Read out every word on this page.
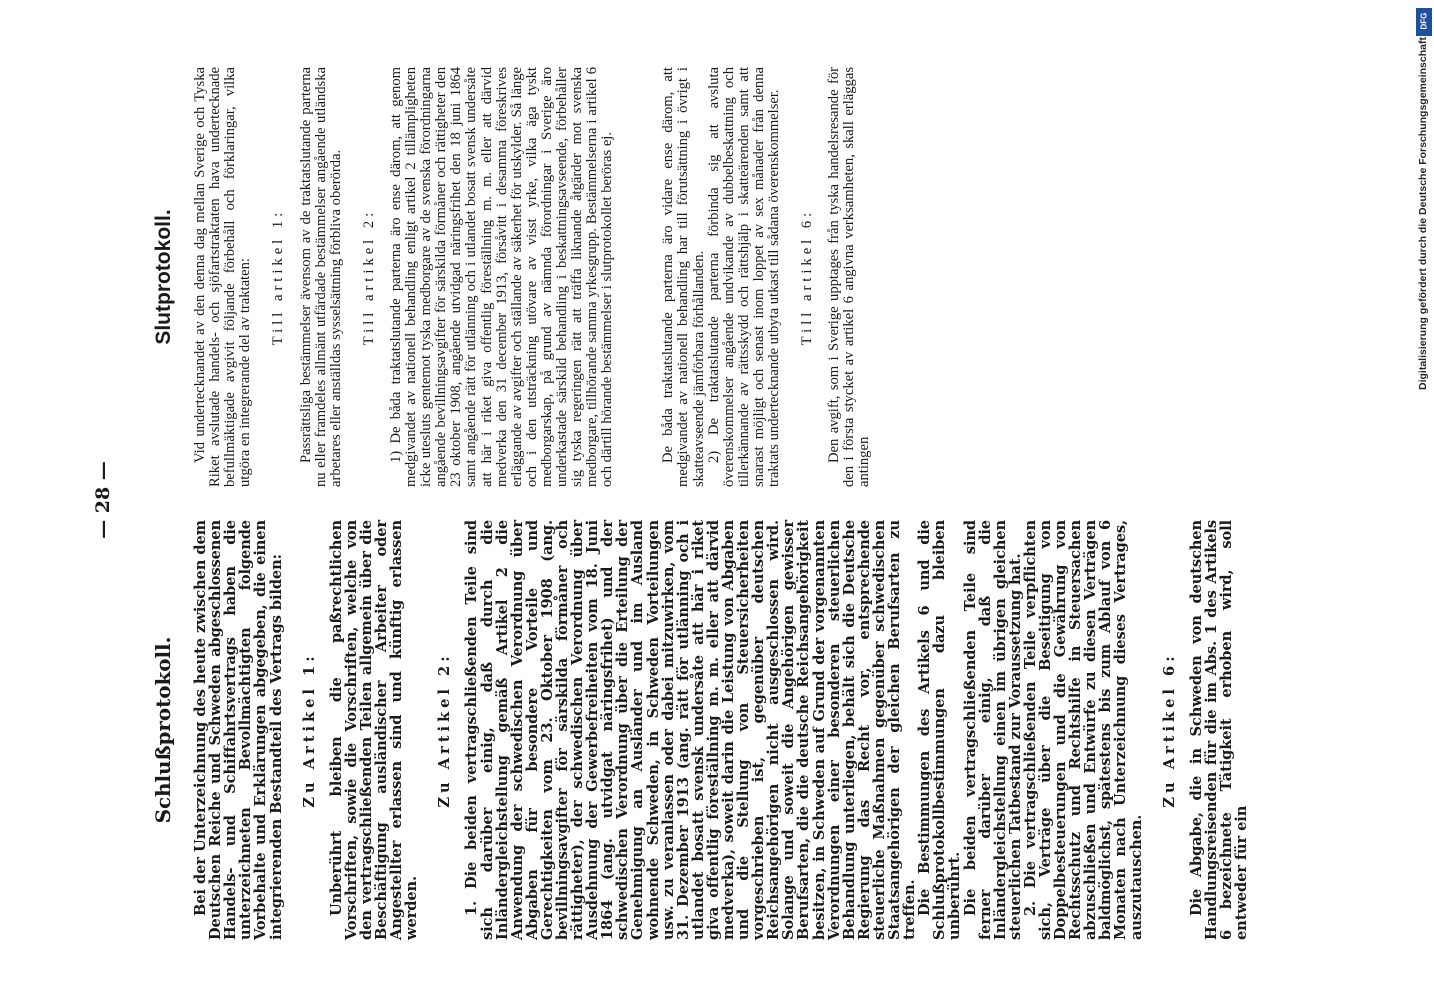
— 28 —
Schlußprotokoll. Bei der Unterzeichnung des heute zwischen dem Deutschen Reiche und Schweden abgeschlossenen Handels- und Schiffahrtsvertrags haben die unterzeichneten Bevollmächtigten folgende Vorbehalte und Erklärungen abgegeben, die einen integrierenden Bestandteil des Vertrags bilden: Zu Artikel 1: Unberührt bleiben die paßrechtlichen Vorschriften, sowie die Vorschriften, welche von den vertragschließenden Teilen allgemein über die Beschäftigung ausländischer Arbeiter oder Angestellter erlassen sind und künftig erlassen werden.

Zu Artikel 2: 1. Die beiden vertragschließenden Teile sind sich darüber einig, daß durch die Inländergleichstellung gemäß Artikel 2 die Anwendung der schwedischen Verordnung über Abgaben für besondere Vorteile und Gerechtigkeiten vom 23. Oktober 1908 (ang. bevillningsavgifter för särskilda förmåner och rättigheter), der schwedischen Verordnung über Ausdehnung der Gewerbefreiheiten vom 18. Juni 1864 (ang. utvidgat näringsfrihet) und der schwedischen Verordnung über die Erteilung der Genehmigung an Ausländer und im Ausland wohnende Schweden, in Schweden Vorteilungen usw. zu veranlassen oder dabei mitzuwirken, vom 31. Dezember 1913 (ang. rätt för utlänning och i utlandet bosatt svensk undersåte att här i riket giva offentlig föreställning m. m. eller att därvid medverka), soweit darin die Leistung von Abgaben und die Stellung von Steuersicherheiten vorgeschrieben ist, gegenüber deutschen Reichsangehörigen nicht ausgeschlossen wird. Solange und soweit die Angehörigen gewisser Berufsarten, die die deutsche Reichsangehörigkeit besitzen, in Schweden auf Grund der vorgenannten Verordnungen einer besonderen steuerlichen Behandlung unterliegen, behält sich die Deutsche Regierung das Recht vor, entsprechende steuerliche Maßnahmen gegenüber schwedischen Staatsangehörigen der gleichen Berufsarten zu treffen.

Die Bestimmungen des Artikels 6 und die Schlußprotokollbestimmungen dazu bleiben unberührt.

Die beiden vertragschließenden Teile sind ferner darüber einig, daß die Inländergleichstellung einen im übrigen gleichen steuerlichen Tatbestand zur Voraussetzung hat.

2. Die vertragschließenden Teile verpflichten sich, Verträge über die Beseitigung von Doppelbesteuerungen und die Gewährung von Rechtsschutz und Rechtshilfe in Steuersachen abzuschließen und Entwürfe zu diesen Verträgen baldmöglichst, spätestens bis zum Ablauf von 6 Monaten nach Unterzeichnung dieses Vertrages, auszutauschen.

Zu Artikel 6: Die Abgabe, die in Schweden von deutschen Handlungsreisenden für die im Abs. 1 des Artikels 6 bezeichnete Tätigkeit erhoben wird, soll entweder für ein

Slutprotokoll. Vid undertecknandet av den denna dag mellan Sverige och Tyska Riket avslutade handels- och sjöfartstraktaten hava undertecknade befullmäktigade avgivit följande förbehåll och förklaringar, vilka utgöra en integrerande del av traktaten: Till artikel 1: Passrättsliga bestämmelser ävensom av de traktatslutande parterna nu eller framdeles allmänt utfärdade bestämmelser angående utländska arbetares eller anställdas sysselsättning förbliva oberörda. Till artikel 2: 1) De båda traktatslutande parterna äro ense därom, att genom medgivandet av nationell behandling enligt artikel 2 tillämpligheten icke utesluts gentemot tyska medborgare av de svenska förordningarna angående bevillningsavgifter för särskilda förmåner och rättigheter den 23 oktober 1908, angående utvidgad näringsfrihet den 18 juni 1864 samt angående rätt för utlänning och i utlandet bosatt svensk undersåte att här i riket giva offentlig föreställning m. m. eller att därvid medverka den 31 december 1913, försåvitt i desamma föreskrives erläggande av avgifter och ställande av säkerhet för utskylder. Så länge och i den utsträckning utövare av visst yrke, vilka äga tyskt medborgarskap, på grund av nämnda förordningar i Sverige äro underkastade särskild behandling i beskattningsavseende, förbehåller sig tyska regeringen rätt att träffa liknande åtgärder mot svenska medborgare, tillhörande samma yrkesgrupp. Bestämmelserna i artikel 6 och därtill hörande bestämmelser i slutprotokollet beröras ej.	De båda traktatslutande parterna äro vidare ense därom, att medgivandet av nationell behandling har till förutsättning i övrigt i skatteavseende jämförbara förhållanden. 2) De traktatslutande parterna förbinda sig att avsluta överenskommelser angående undvikande av dubbelbeskattning och tillerkännande av rättsskydd och rättshjälp i skatteärenden samt att snarast möjligt och senast inom loppet av sex månader från denna traktats undertecknande utbyta utkast till sådana överenskommelser. Till artikel 6: Den avgift, som i Sverige upptages från tyska handelsresande för den i första stycket av artikel 6 angivna verksamheten, skall erläggas antingen

Digitalisierung gefördert durch die Deutsche Forschungsgemeinschaft
DFG
